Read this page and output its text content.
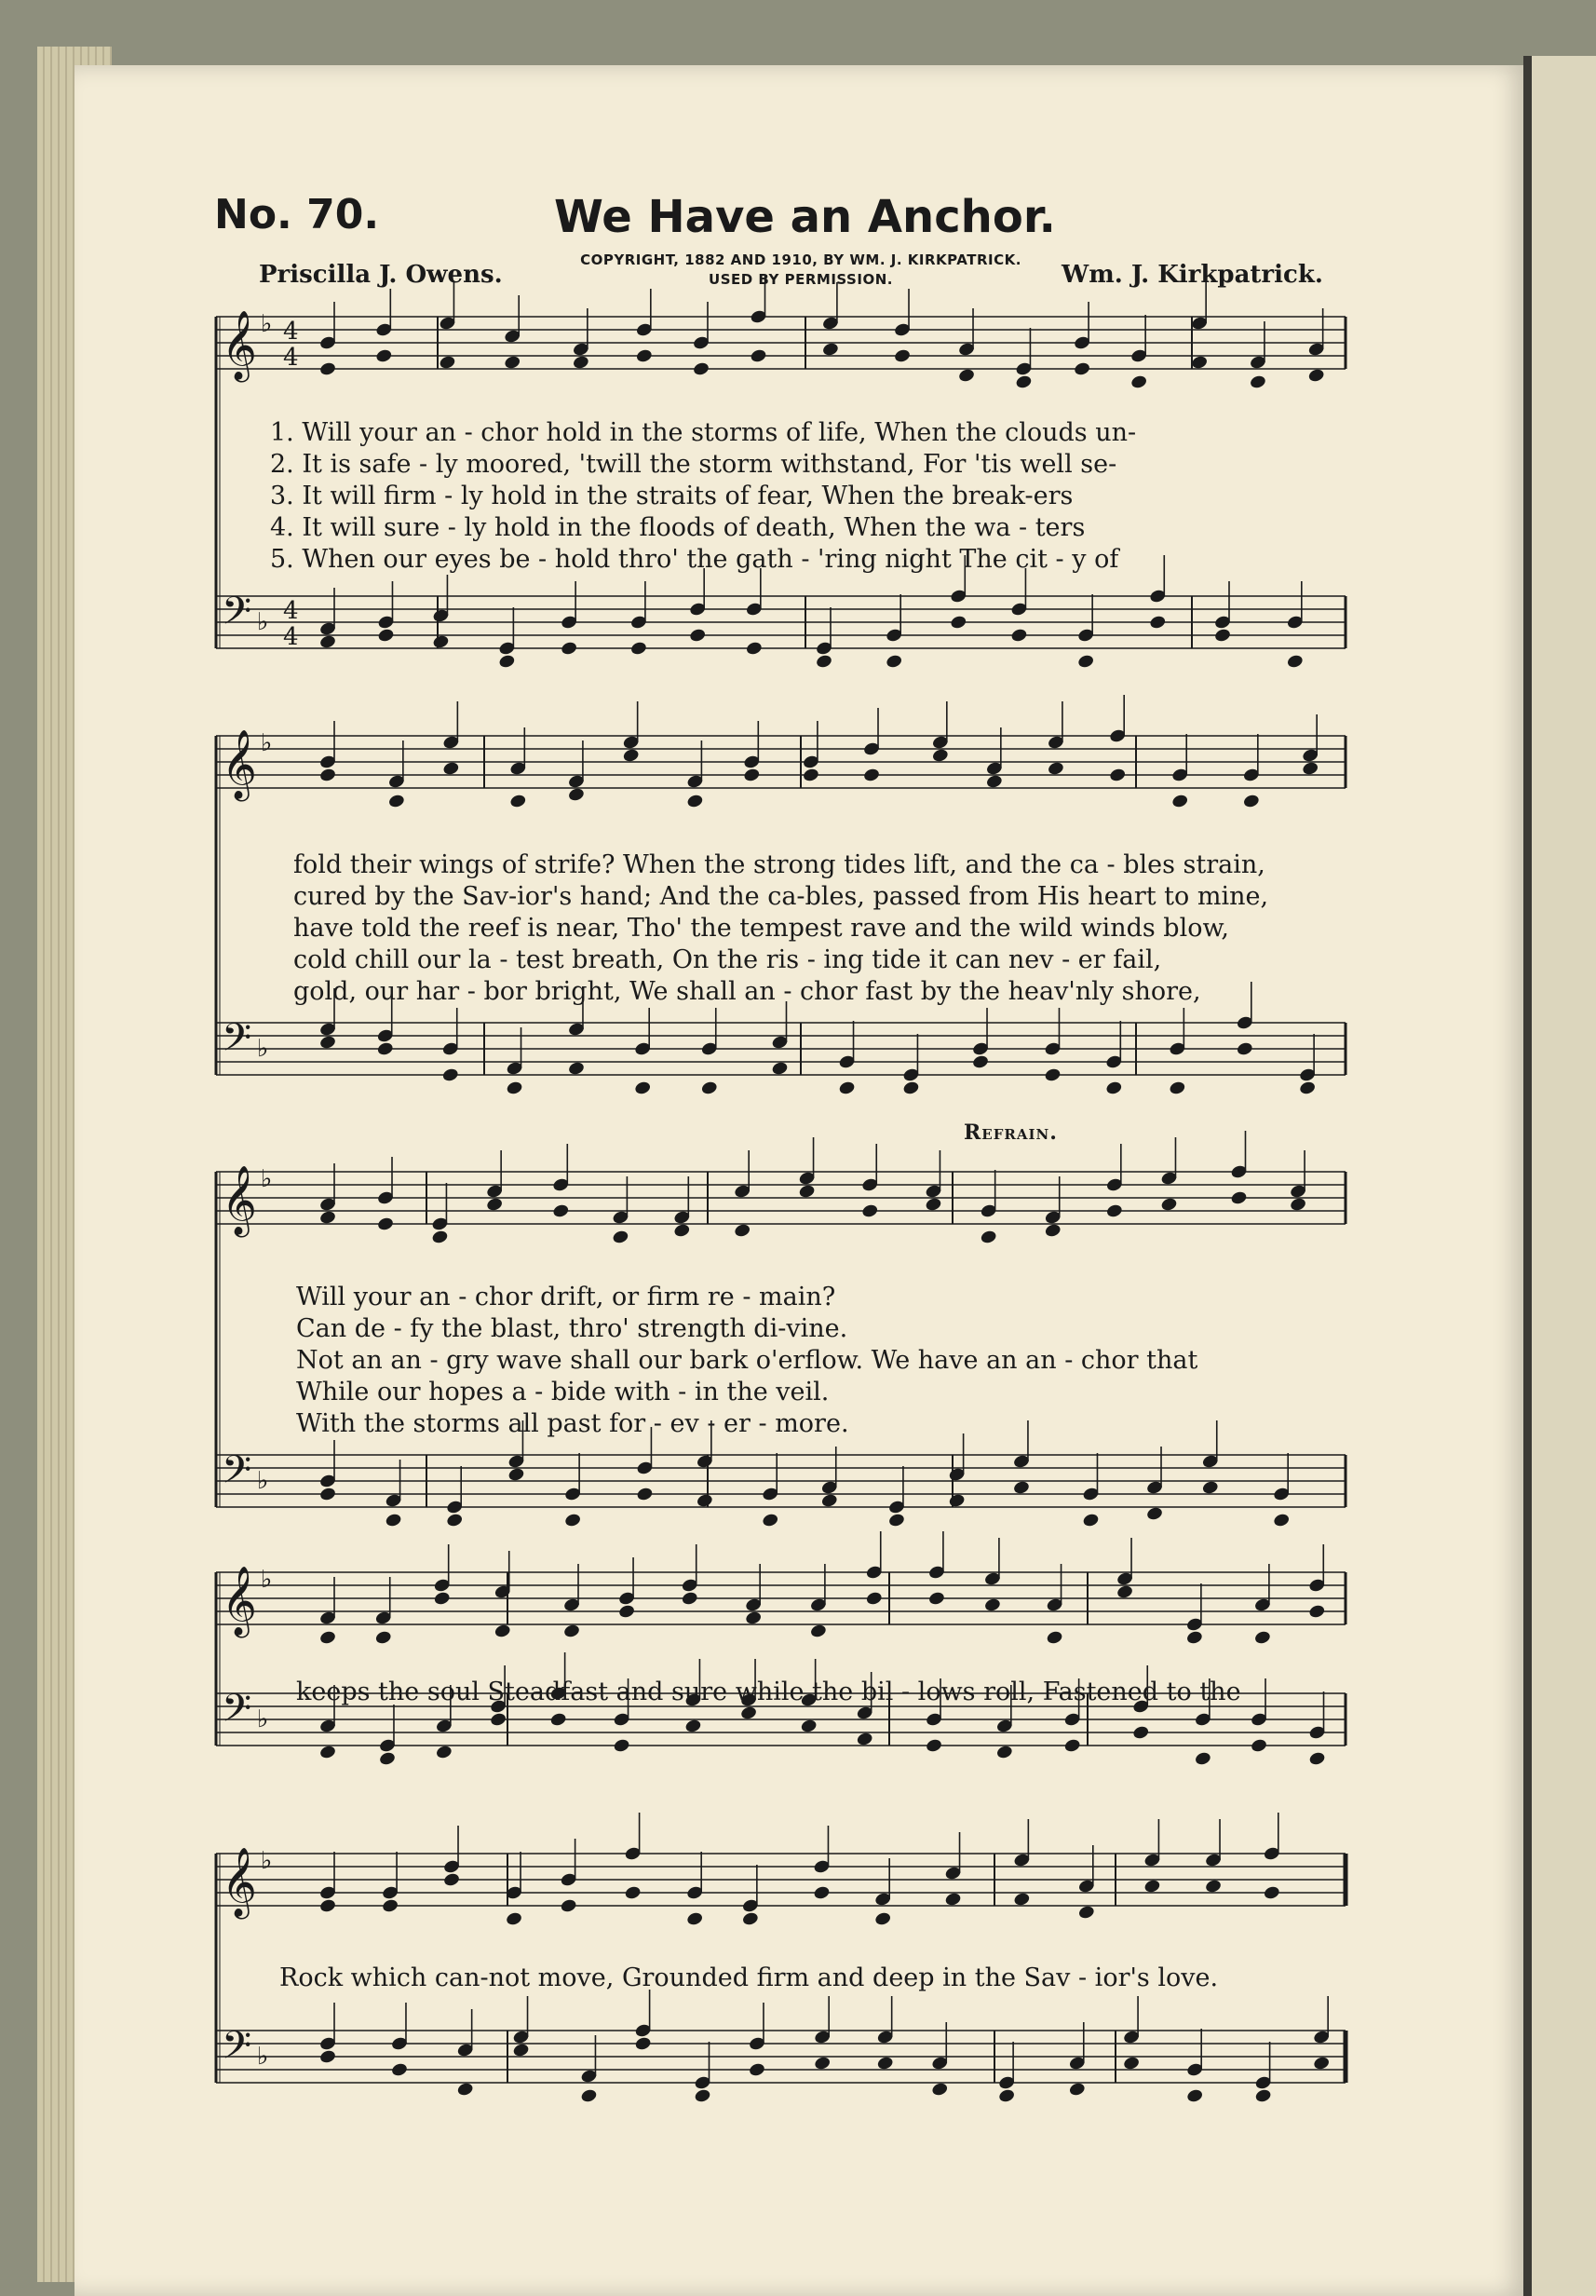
No. 70.	We Have an Anchor.
Priscilla J. Owens.	Wm. J. Kirkpatrick.
COPYRIGHT, 1882 AND 1910, BY WM. J. KIRKPATRICK.
USED BY PERMISSION.
𝄞 ♭ 4
4
𝄢 ♭ 4
4
𝄞 ♭
𝄢 ♭
𝄞 ♭
𝄢 ♭
𝄞 ♭
𝄢 ♭
𝄞 ♭
𝄢 ♭
1. Will your an - chor hold in the storms of life, When the clouds un-
2. It is safe - ly moored, 'twill the storm withstand, For 'tis well se-
3. It will firm - ly hold in the straits of fear, When the break-ers
4. It will sure - ly hold in the floods of death, When the wa - ters
5. When our eyes be - hold thro' the gath - 'ring night The cit - y of
fold their wings of strife? When the strong tides lift, and the ca - bles strain,
cured by the Sav-ior's hand; And the ca-bles, passed from His heart to mine,
have told the reef is near, Tho' the tempest rave and the wild winds blow,
cold chill our la - test breath, On the ris - ing tide it can nev - er fail,
gold, our har - bor bright, We shall an - chor fast by the heav'nly shore,
Refrain.
Will your an - chor drift, or firm re - main?
Can de - fy the blast, thro' strength di-vine.
Not an an - gry wave shall our bark o'erflow. We have an an - chor that
While our hopes a - bide with - in the veil.
With the storms all past for - ev - er - more.
keeps the soul Steadfast and sure while the bil - lows roll, Fastened to the
Rock which can-not move, Grounded firm and deep in the Sav - ior's love.
